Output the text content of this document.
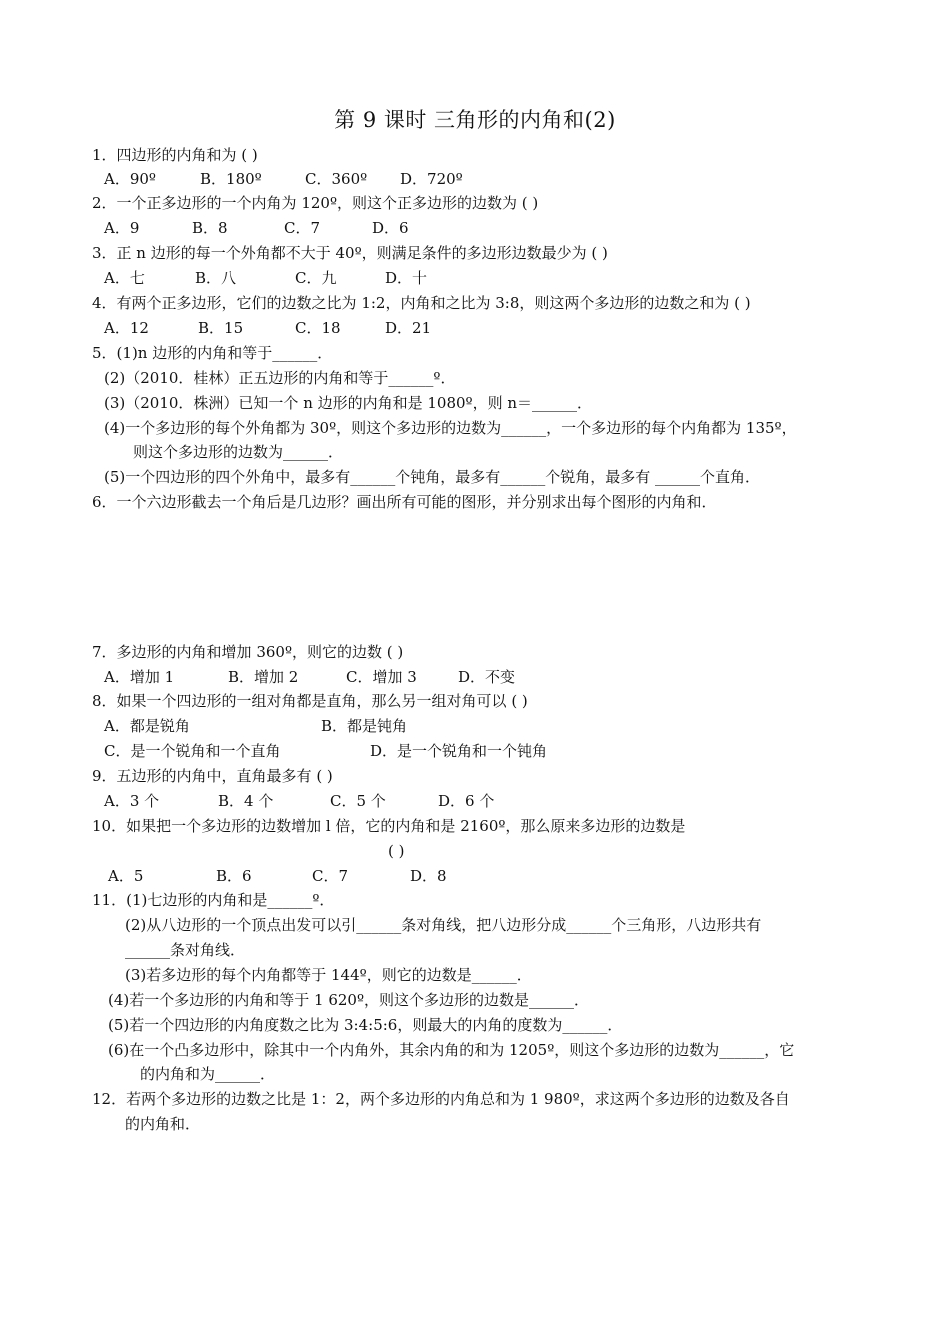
第 9 课时 三角形的内角和(2)
1．四边形的内角和为 ( )
A．90º	B．180º	C．360º D．720º
2．一个正多边形的一个内角为 120º，则这个正多边形的边数为 ( )
A．9	B．8	C．7	D．6
3．正 n 边形的每一个外角都不大于 40º，则满足条件的多边形边数最少为 ( )
A．七	B．八	C．九	D．十
4．有两个正多边形，它们的边数之比为 1:2，内角和之比为 3:8，则这两个多边形的边数之和为 ( )
A．12	B．15	C．18	D．21
5．(1)n 边形的内角和等于______．
(2)（2010．桂林）正五边形的内角和等于______º．
(3)（2010．株洲）已知一个 n 边形的内角和是 1080º，则 n＝______．
(4)一个多边形的每个外角都为 30º，则这个多边形的边数为______，一个多边形的每个内角都为 135º，
则这个多边形的边数为______．
(5)一个四边形的四个外角中，最多有______个钝角，最多有______个锐角，最多有 ______个直角．
6．一个六边形截去一个角后是几边形？画出所有可能的图形，并分别求出每个图形的内角和．
7．多边形的内角和增加 360º，则它的边数 ( )
A．增加 1	B．增加 2	C．增加 3	D．不变
8．如果一个四边形的一组对角都是直角，那么另一组对角可以 ( )
A．都是锐角	B．都是钝角
C．是一个锐角和一个直角	D．是一个锐角和一个钝角
9．五边形的内角中，直角最多有 ( )
A．3 个	B．4 个	C．5 个	D．6 个
10．如果把一个多边形的边数增加 l 倍，它的内角和是 2160º，那么原来多边形的边数是
( )
A．5	B．6	C．7	D．8
11．(1)七边形的内角和是______º．
(2)从八边形的一个顶点出发可以引______条对角线，把八边形分成______个三角形，八边形共有
______条对角线．
(3)若多边形的每个内角都等于 144º，则它的边数是______．
(4)若一个多边形的内角和等于 1 620º，则这个多边形的边数是______．
(5)若一个四边形的内角度数之比为 3:4:5:6，则最大的内角的度数为______．
(6)在一个凸多边形中，除其中一个内角外，其余内角的和为 1205º，则这个多边形的边数为______，它
的内角和为______．
12．若两个多边形的边数之比是 1：2，两个多边形的内角总和为 1 980º，求这两个多边形的边数及各自
的内角和．
